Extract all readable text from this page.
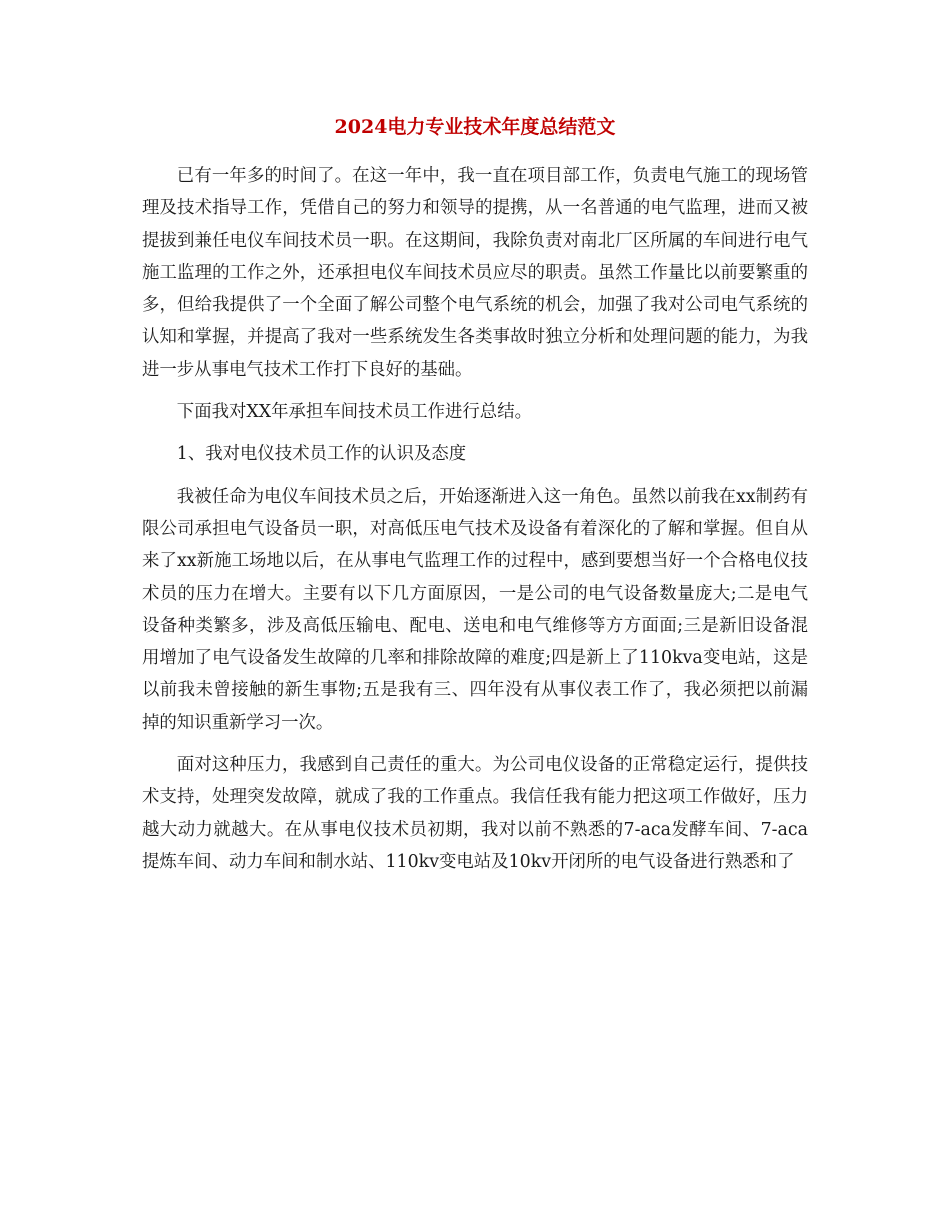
2024电力专业技术年度总结范文

已有一年多的时间了。在这一年中，我一直在项目部工作，负责电气施工的现场管理及技术指导工作，凭借自己的努力和领导的提携，从一名普通的电气监理，进而又被提拔到兼任电仪车间技术员一职。在这期间，我除负责对南北厂区所属的车间进行电气施工监理的工作之外，还承担电仪车间技术员应尽的职责。虽然工作量比以前要繁重的多，但给我提供了一个全面了解公司整个电气系统的机会，加强了我对公司电气系统的认知和掌握，并提高了我对一些系统发生各类事故时独立分析和处理问题的能力，为我进一步从事电气技术工作打下良好的基础。

下面我对XX年承担车间技术员工作进行总结。

1、我对电仪技术员工作的认识及态度

我被任命为电仪车间技术员之后，开始逐渐进入这一角色。虽然以前我在xx制药有限公司承担电气设备员一职，对高低压电气技术及设备有着深化的了解和掌握。但自从来了xx新施工场地以后，在从事电气监理工作的过程中，感到要想当好一个合格电仪技术员的压力在增大。主要有以下几方面原因，一是公司的电气设备数量庞大;二是电气设备种类繁多，涉及高低压输电、配电、送电和电气维修等方方面面;三是新旧设备混用增加了电气设备发生故障的几率和排除故障的难度;四是新上了110kva变电站，这是以前我未曾接触的新生事物;五是我有三、四年没有从事仪表工作了，我必须把以前漏掉的知识重新学习一次。

面对这种压力，我感到自己责任的重大。为公司电仪设备的正常稳定运行，提供技术支持，处理突发故障，就成了我的工作重点。我信任我有能力把这项工作做好，压力越大动力就越大。在从事电仪技术员初期，我对以前不熟悉的7-aca发酵车间、7-aca提炼车间、动力车间和制水站、110kv变电站及10kv开闭所的电气设备进行熟悉和了
